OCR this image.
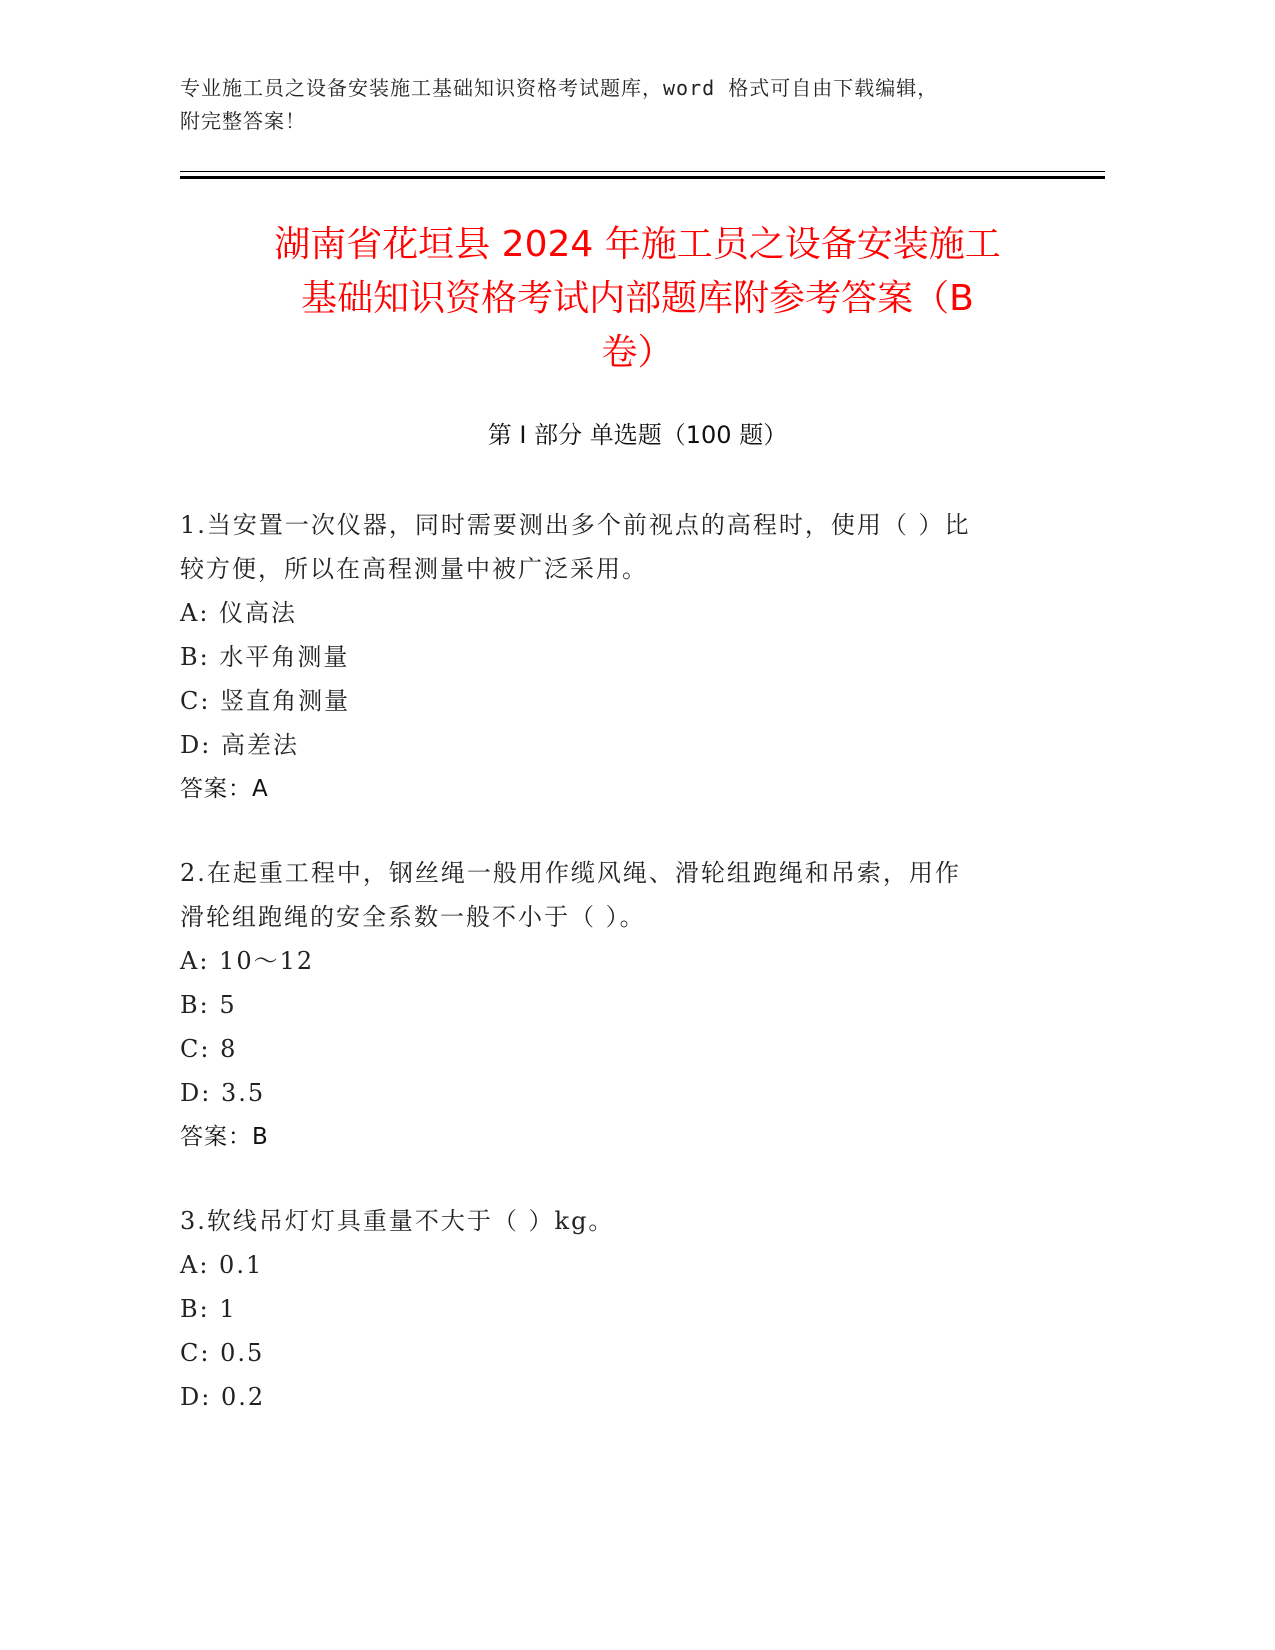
专业施工员之设备安装施工基础知识资格考试题库，word 格式可自由下载编辑，
附完整答案！
湖南省花垣县 2024 年施工员之设备安装施工
基础知识资格考试内部题库附参考答案（B
卷）
第 I 部分 单选题（100 题）
1.当安置一次仪器，同时需要测出多个前视点的高程时，使用（ ）比
较方便，所以在高程测量中被广泛采用。
A: 仪高法
B: 水平角测量
C: 竖直角测量
D: 高差法
答案：A
2.在起重工程中，钢丝绳一般用作缆风绳、滑轮组跑绳和吊索，用作
滑轮组跑绳的安全系数一般不小于（ ）。
A: 10～12
B: 5
C: 8
D: 3.5
答案：B
3.软线吊灯灯具重量不大于（ ）kg。
A: 0.1
B: 1
C: 0.5
D: 0.2
